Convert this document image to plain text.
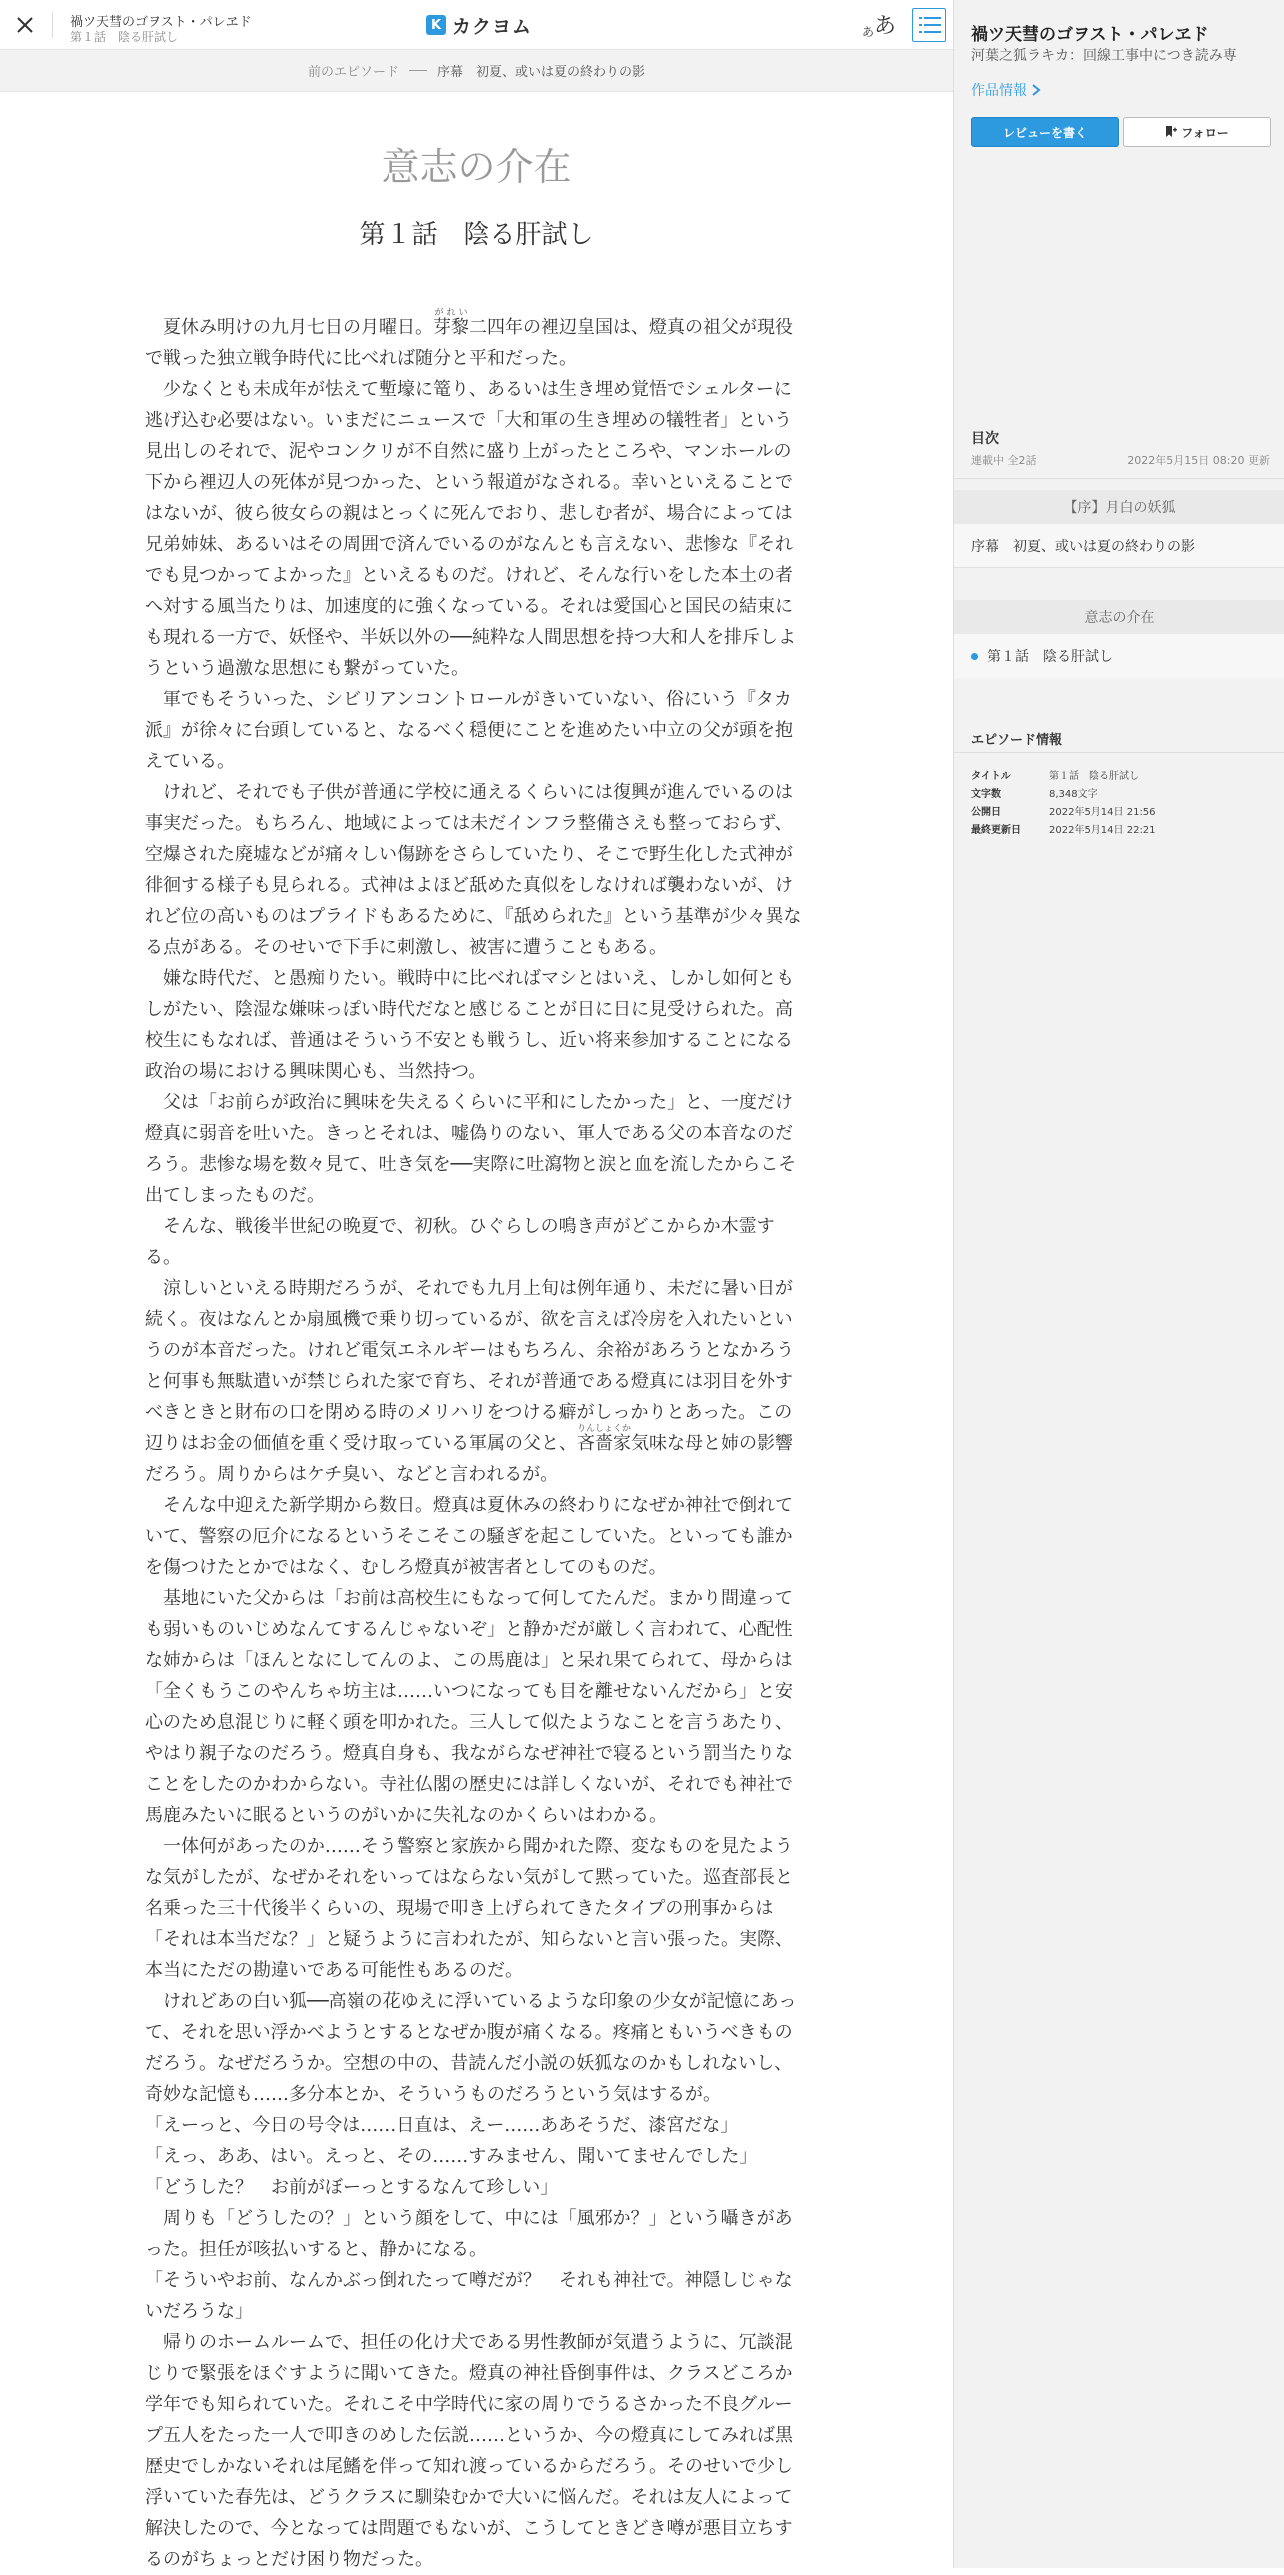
禍ツ天彗のゴヲスト・パレヱド
第１話　陰る肝試し
K カクヨム	あ あ
前のエピソード	序幕　初夏、或いは夏の終わりの影
意志の介在
第１話　陰る肝試し

夏休み明けの九月七日の月曜日。芽黎がれい二四年の裡辺皇国は、燈真の祖父が現役で戦った独立戦争時代に比べれば随分と平和だった。

少なくとも未成年が怯えて塹壕に篭り、あるいは生き埋め覚悟でシェルターに逃げ込む必要はない。いまだにニュースで「大和軍の生き埋めの犠牲者」という見出しのそれで、泥やコンクリが不自然に盛り上がったところや、マンホールの下から裡辺人の死体が見つかった、という報道がなされる。幸いといえることではないが、彼ら彼女らの親はとっくに死んでおり、悲しむ者が、場合によっては兄弟姉妹、あるいはその周囲で済んでいるのがなんとも言えない、悲惨な『それでも見つかってよかった』といえるものだ。けれど、そんな行いをした本土の者へ対する風当たりは、加速度的に強くなっている。それは愛国心と国民の結束にも現れる一方で、妖怪や、半妖以外の──純粋な人間思想を持つ大和人を排斥しようという過激な思想にも繋がっていた。

軍でもそういった、シビリアンコントロールがきいていない、俗にいう『タカ派』が徐々に台頭していると、なるべく穏便にことを進めたい中立の父が頭を抱えている。

けれど、それでも子供が普通に学校に通えるくらいには復興が進んでいるのは事実だった。もちろん、地域によっては未だインフラ整備さえも整っておらず、空爆された廃墟などが痛々しい傷跡をさらしていたり、そこで野生化した式神が徘徊する様子も見られる。式神はよほど舐めた真似をしなければ襲わないが、けれど位の高いものはプライドもあるために、『舐められた』という基準が少々異なる点がある。そのせいで下手に刺激し、被害に遭うこともある。

嫌な時代だ、と愚痴りたい。戦時中に比べればマシとはいえ、しかし如何ともしがたい、陰湿な嫌味っぽい時代だなと感じることが日に日に見受けられた。高校生にもなれば、普通はそういう不安とも戦うし、近い将来参加することになる政治の場における興味関心も、当然持つ。

父は「お前らが政治に興味を失えるくらいに平和にしたかった」と、一度だけ燈真に弱音を吐いた。きっとそれは、嘘偽りのない、軍人である父の本音なのだろう。悲惨な場を数々見て、吐き気を──実際に吐瀉物と涙と血を流したからこそ出てしまったものだ。

そんな、戦後半世紀の晩夏で、初秋。ひぐらしの鳴き声がどこからか木霊する。

涼しいといえる時期だろうが、それでも九月上旬は例年通り、未だに暑い日が続く。夜はなんとか扇風機で乗り切っているが、欲を言えば冷房を入れたいというのが本音だった。けれど電気エネルギーはもちろん、余裕があろうとなかろうと何事も無駄遣いが禁じられた家で育ち、それが普通である燈真には羽目を外すべきときと財布の口を閉める時のメリハリをつける癖がしっかりとあった。この辺りはお金の価値を重く受け取っている軍属の父と、吝嗇家りんしょくか気味な母と姉の影響だろう。周りからはケチ臭い、などと言われるが。

そんな中迎えた新学期から数日。燈真は夏休みの終わりになぜか神社で倒れていて、警察の厄介になるというそこそこの騒ぎを起こしていた。といっても誰かを傷つけたとかではなく、むしろ燈真が被害者としてのものだ。

基地にいた父からは「お前は高校生にもなって何してたんだ。まかり間違っても弱いものいじめなんてするんじゃないぞ」と静かだが厳しく言われて、心配性な姉からは「ほんとなにしてんのよ、この馬鹿は」と呆れ果てられて、母からは「全くもうこのやんちゃ坊主は……いつになっても目を離せないんだから」と安心のため息混じりに軽く頭を叩かれた。三人して似たようなことを言うあたり、やはり親子なのだろう。燈真自身も、我ながらなぜ神社で寝るという罰当たりなことをしたのかわからない。寺社仏閣の歴史には詳しくないが、それでも神社で馬鹿みたいに眠るというのがいかに失礼なのかくらいはわかる。

一体何があったのか……そう警察と家族から聞かれた際、変なものを見たような気がしたが、なぜかそれをいってはならない気がして黙っていた。巡査部長と名乗った三十代後半くらいの、現場で叩き上げられてきたタイプの刑事からは「それは本当だな？」と疑うように言われたが、知らないと言い張った。実際、本当にただの勘違いである可能性もあるのだ。

けれどあの白い狐──高嶺の花ゆえに浮いているような印象の少女が記憶にあって、それを思い浮かべようとするとなぜか腹が痛くなる。疼痛ともいうべきものだろう。なぜだろうか。空想の中の、昔読んだ小説の妖狐なのかもしれないし、奇妙な記憶も……多分本とか、そういうものだろうという気はするが。

「えーっと、今日の号令は……日直は、えー……ああそうだ、漆宮だな」

「えっ、ああ、はい。えっと、その……すみません、聞いてませんでした」

「どうした？　お前がぼーっとするなんて珍しい」

周りも「どうしたの？」という顔をして、中には「風邪か？」という囁きがあった。担任が咳払いすると、静かになる。

「そういやお前、なんかぶっ倒れたって噂だが？　それも神社で。神隠しじゃないだろうな」

帰りのホームルームで、担任の化け犬である男性教師が気遣うように、冗談混じりで緊張をほぐすように聞いてきた。燈真の神社昏倒事件は、クラスどころか学年でも知られていた。それこそ中学時代に家の周りでうるさかった不良グループ五人をたった一人で叩きのめした伝説……というか、今の燈真にしてみれば黒歴史でしかないそれは尾鰭を伴って知れ渡っているからだろう。そのせいで少し浮いていた春先は、どうクラスに馴染むかで大いに悩んだ。それは友人によって解決したので、今となっては問題でもないが、こうしてときどき噂が悪目立ちするのがちょっとだけ困り物だった。

禍ツ天彗のゴヲスト・パレヱド
河葉之狐ラキカ：回線工事中につき読み専
作品情報
レビューを書く	フォロー
目次
連載中 全2話	2022年5月15日 08:20 更新
【序】月白の妖狐
序幕　初夏、或いは夏の終わりの影
意志の介在
第１話　陰る肝試し
エピソード情報
タイトル	第１話　陰る肝試し
文字数	8,348文字
公開日	2022年5月14日 21:56
最終更新日	2022年5月14日 22:21
